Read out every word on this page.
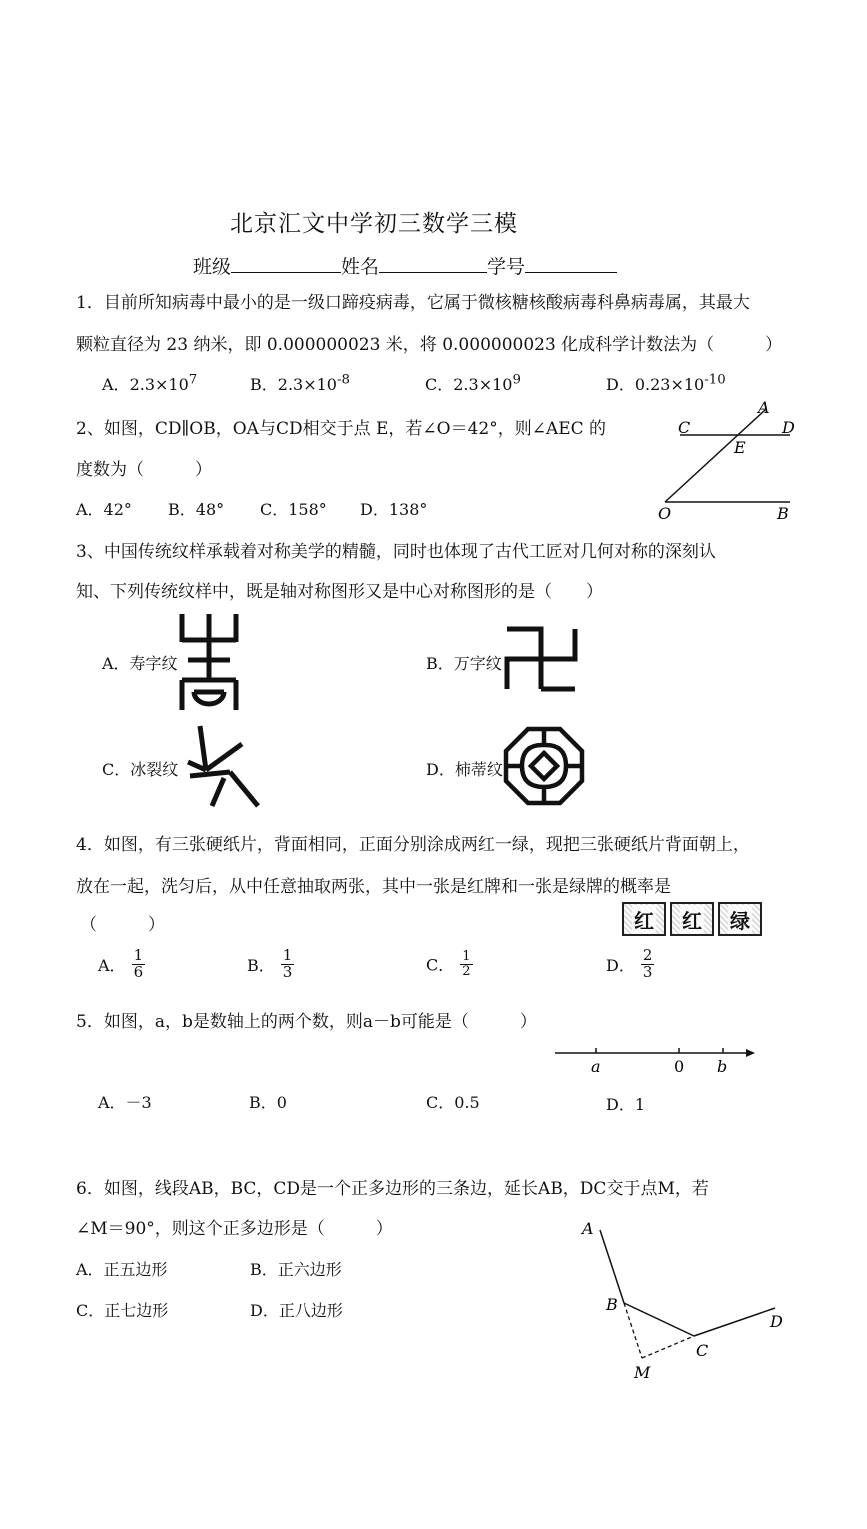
北京汇文中学初三数学三模
班级	姓名	学号
1．目前所知病毒中最小的是一级口蹄疫病毒，它属于微核糖核酸病毒科鼻病毒属，其最大
颗粒直径为 23 纳米，即 0.000000023 米，将 0.000000023 化成科学计数法为（　　　）
A．$2.3\times 10^7$	B．$2.3\times 10^{-8}$	C．$2.3\times 10^9$	D．$0.23\times 10^{-10}$
2、如图，CD∥OB，OA与CD相交于点 E，若∠O＝42°，则∠AEC 的
度数为（　　　）
A．42° B．48° C．158° D．138°
A
C	D
E
O	B
3、中国传统纹样承载着对称美学的精髓，同时也体现了古代工匠对几何对称的深刻认
知、下列传统纹样中，既是轴对称图形又是中心对称图形的是（　　）
A．寿字纹	B．万字纹
C．冰裂纹	D．柿蒂纹
4．如图，有三张硬纸片，背面相同，正面分别涂成两红一绿，现把三张硬纸片背面朝上，
放在一起，洗匀后，从中任意抽取两张，其中一张是红牌和一张是绿牌的概率是
（　　　）	红 红 绿
A． $\frac{1}{6}$	B． $\frac{1}{3}$	C． $\frac{1}{2}$	D． $\frac{2}{3}$
5．如图，a，b是数轴上的两个数，则a－b可能是（　　　）
a	0 b
A．－3	B．0	C．0.5	D．1
6．如图，线段AB，BC，CD是一个正多边形的三条边，延长AB，DC交于点M，若
∠M＝90°，则这个正多边形是（　　　）
A．正五边形	B．正六边形
C．正七边形	D．正八边形
A
B
C
D
M
